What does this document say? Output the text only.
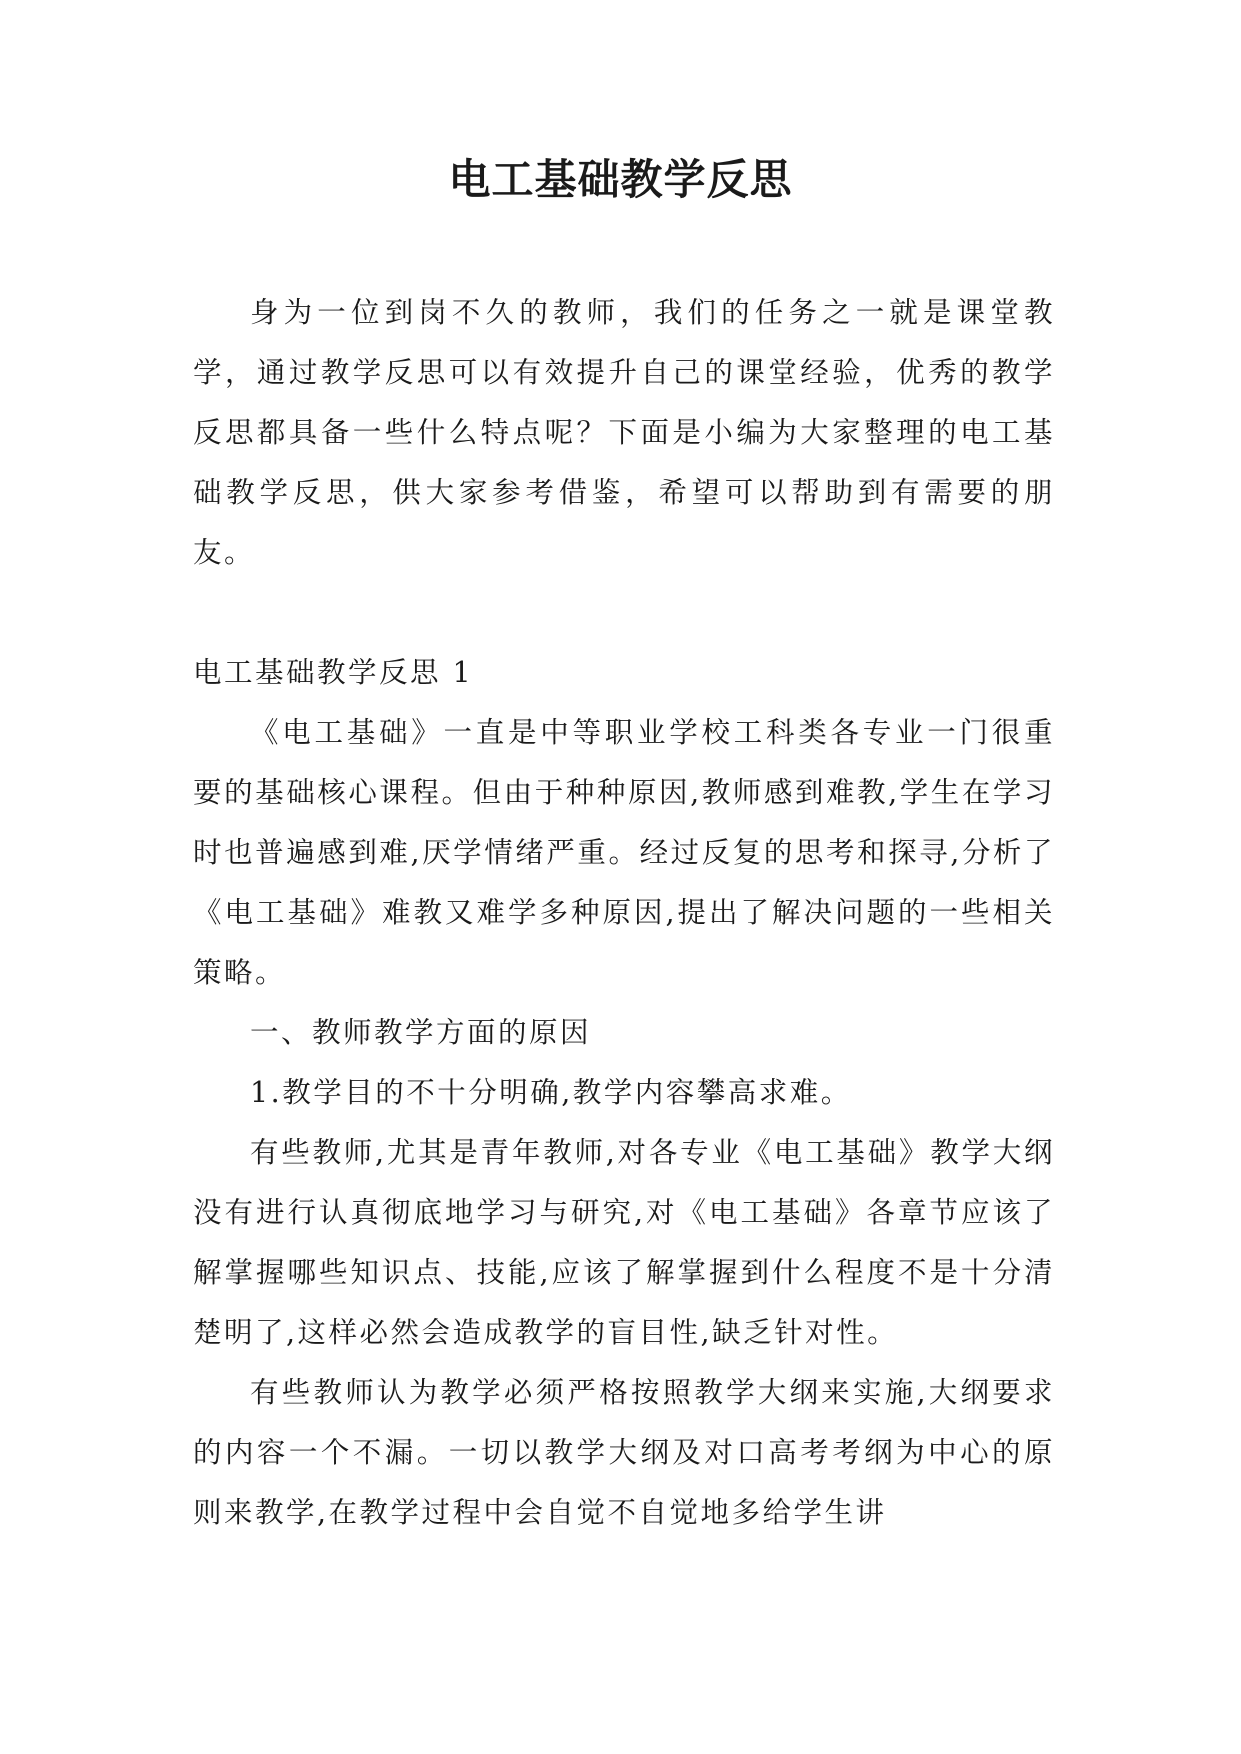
电工基础教学反思

身为一位到岗不久的教师，我们的任务之一就是课堂教学，通过教学反思可以有效提升自己的课堂经验，优秀的教学反思都具备一些什么特点呢？下面是小编为大家整理的电工基础教学反思，供大家参考借鉴，希望可以帮助到有需要的朋友。

电工基础教学反思 1

《电工基础》一直是中等职业学校工科类各专业一门很重要的基础核心课程。但由于种种原因,教师感到难教,学生在学习时也普遍感到难,厌学情绪严重。经过反复的思考和探寻,分析了《电工基础》难教又难学多种原因,提出了解决问题的一些相关策略。

一、教师教学方面的原因

1.教学目的不十分明确,教学内容攀高求难。

有些教师,尤其是青年教师,对各专业《电工基础》教学大纲没有进行认真彻底地学习与研究,对《电工基础》各章节应该了解掌握哪些知识点、技能,应该了解掌握到什么程度不是十分清楚明了,这样必然会造成教学的盲目性,缺乏针对性。

有些教师认为教学必须严格按照教学大纲来实施,大纲要求的内容一个不漏。一切以教学大纲及对口高考考纲为中心的原则来教学,在教学过程中会自觉不自觉地多给学生讲
